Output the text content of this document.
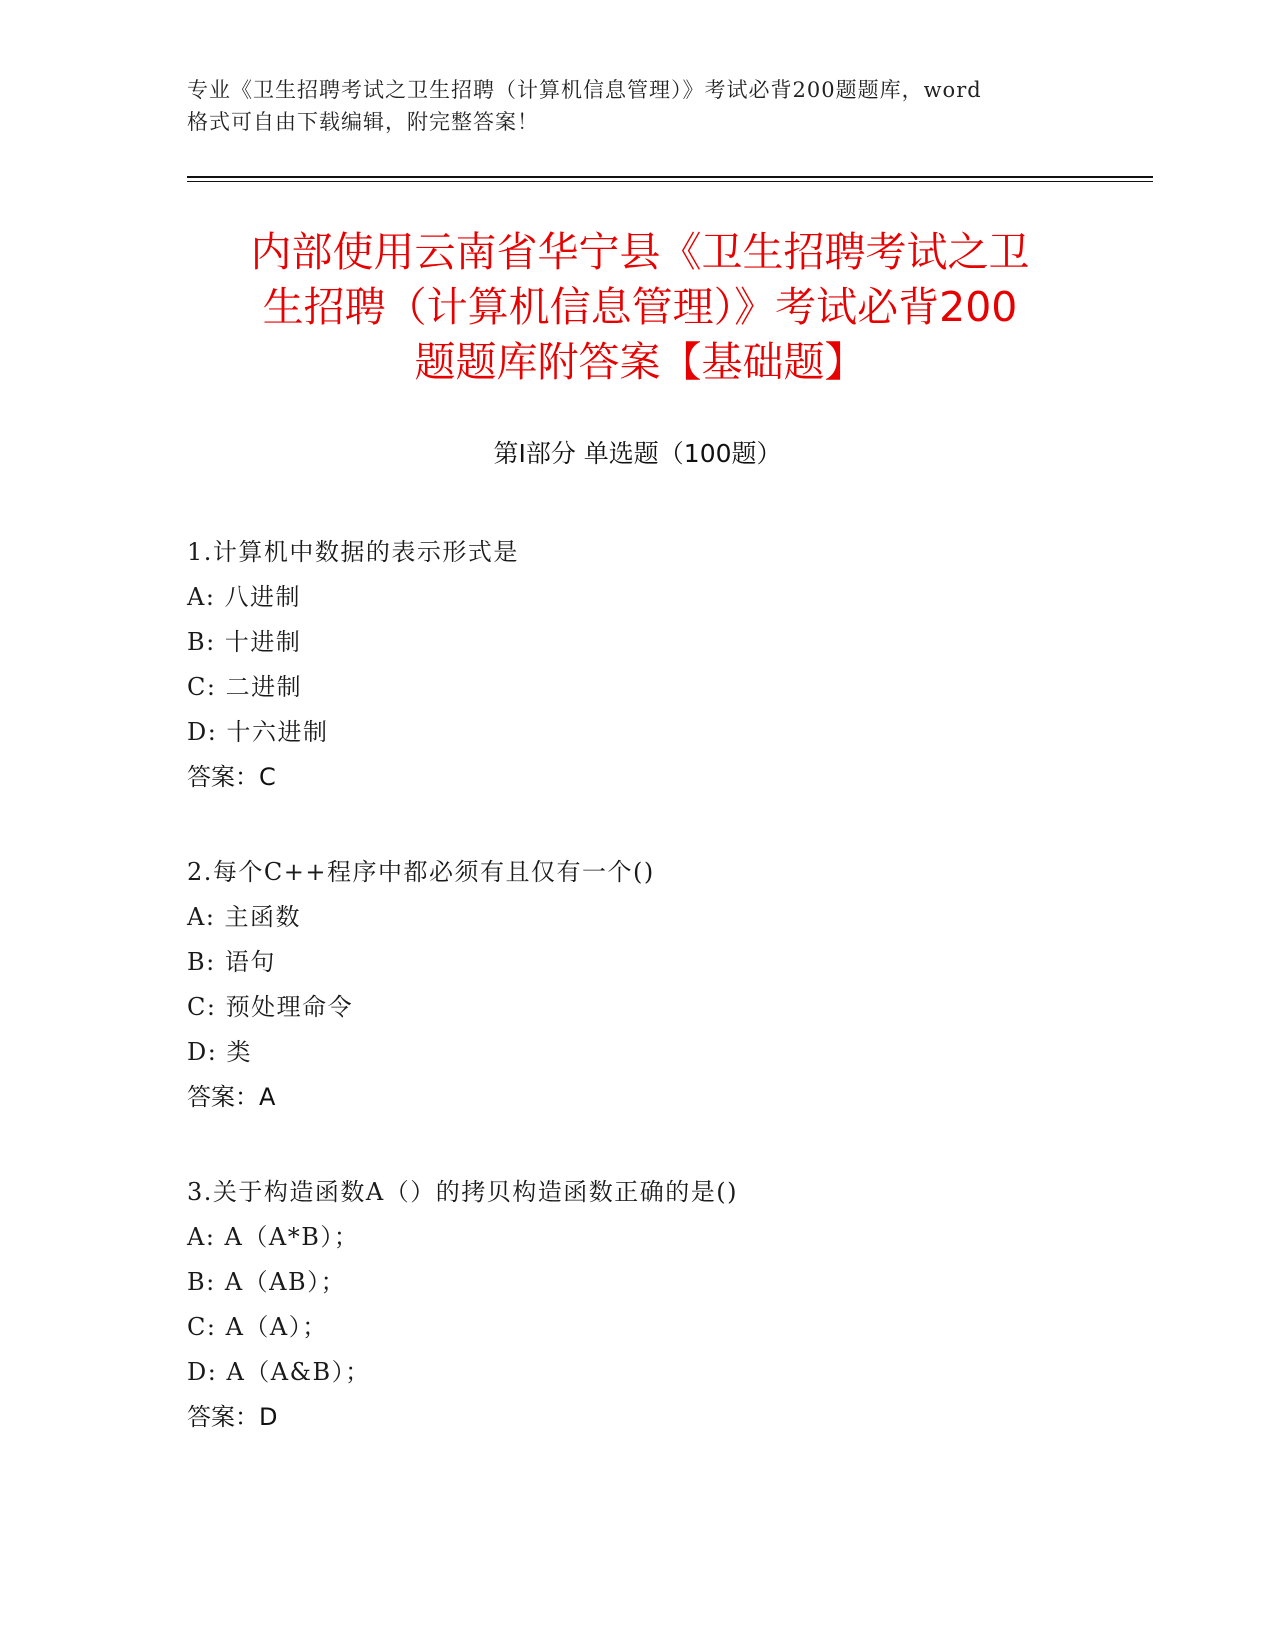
专业《卫生招聘考试之卫生招聘（计算机信息管理）》考试必背200题题库，word
格式可自由下载编辑，附完整答案！
内部使用云南省华宁县《卫生招聘考试之卫
生招聘（计算机信息管理）》考试必背200
题题库附答案【基础题】
第Ⅰ部分 单选题（100题）
1.计算机中数据的表示形式是
A: 八进制
B: 十进制
C: 二进制
D: 十六进制
答案：C
2.每个C++程序中都必须有且仅有一个()
A: 主函数
B: 语句
C: 预处理命令
D: 类
答案：A
3.关于构造函数A（）的拷贝构造函数正确的是()
A: A（A*B）；
B: A（AB）；
C: A（A）；
D: A（A&B）；
答案：D
